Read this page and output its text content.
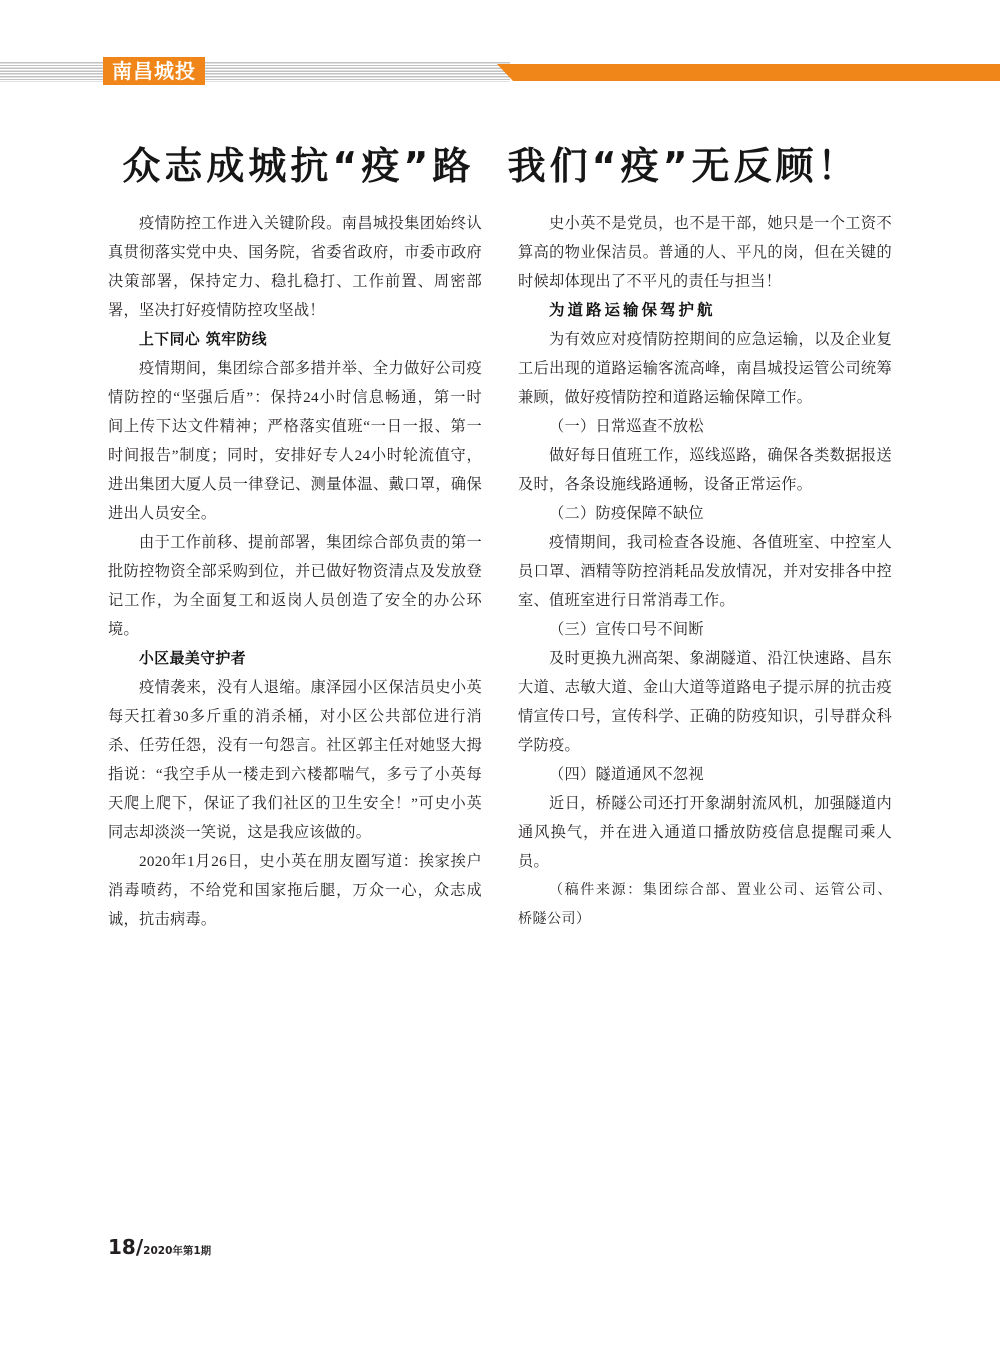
南昌城投
众志成城抗“疫”路 我们“疫”无反顾！
疫情防控工作进入关键阶段。南昌城投集团始终认
真贯彻落实党中央、国务院，省委省政府，市委市政府
决策部署，保持定力、稳扎稳打、工作前置、周密部
署，坚决打好疫情防控攻坚战！
上下同心 筑牢防线
疫情期间，集团综合部多措并举、全力做好公司疫
情防控的“坚强后盾”：保持24小时信息畅通，第一时
间上传下达文件精神；严格落实值班“一日一报、第一
时间报告”制度；同时，安排好专人24小时轮流值守，
进出集团大厦人员一律登记、测量体温、戴口罩，确保
进出人员安全。
由于工作前移、提前部署，集团综合部负责的第一
批防控物资全部采购到位，并已做好物资清点及发放登
记工作，为全面复工和返岗人员创造了安全的办公环
境。
小区最美守护者
疫情袭来，没有人退缩。康泽园小区保洁员史小英
每天扛着30多斤重的消杀桶，对小区公共部位进行消
杀、任劳任怨，没有一句怨言。社区郭主任对她竖大拇
指说：“我空手从一楼走到六楼都喘气，多亏了小英每
天爬上爬下，保证了我们社区的卫生安全！”可史小英
同志却淡淡一笑说，这是我应该做的。
2020年1月26日，史小英在朋友圈写道：挨家挨户
消毒喷药，不给党和国家拖后腿，万众一心，众志成
诚，抗击病毒。
史小英不是党员，也不是干部，她只是一个工资不
算高的物业保洁员。普通的人、平凡的岗，但在关键的
时候却体现出了不平凡的责任与担当！
为道路运输保驾护航
为有效应对疫情防控期间的应急运输，以及企业复
工后出现的道路运输客流高峰，南昌城投运管公司统筹
兼顾，做好疫情防控和道路运输保障工作。
（一）日常巡查不放松
做好每日值班工作，巡线巡路，确保各类数据报送
及时，各条设施线路通畅，设备正常运作。
（二）防疫保障不缺位
疫情期间，我司检查各设施、各值班室、中控室人
员口罩、酒精等防控消耗品发放情况，并对安排各中控
室、值班室进行日常消毒工作。
（三）宣传口号不间断
及时更换九洲高架、象湖隧道、沿江快速路、昌东
大道、志敏大道、金山大道等道路电子提示屏的抗击疫
情宣传口号，宣传科学、正确的防疫知识，引导群众科
学防疫。
（四）隧道通风不忽视
近日，桥隧公司还打开象湖射流风机，加强隧道内
通风换气，并在进入通道口播放防疫信息提醒司乘人
员。
（稿件来源：集团综合部、置业公司、运管公司、
桥隧公司）
18/2020年第1期
